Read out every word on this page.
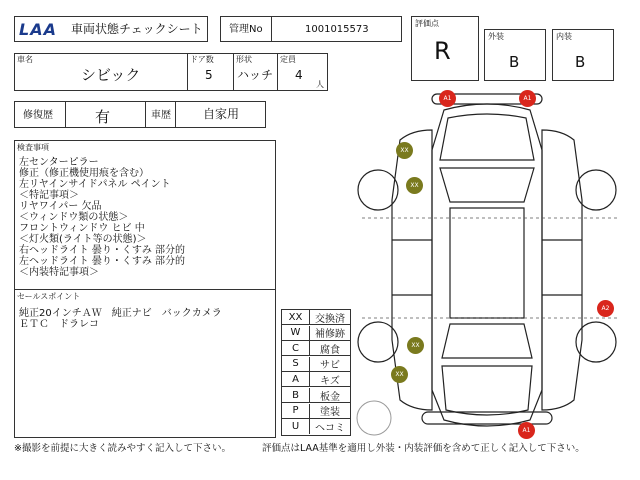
LAA	車両状態チェックシート	管理No	1001015573
評価点
R
外装
B
内装
B
車名
シビック
ドア数
5
形状
ハッチ
定員
4
人
修復歴	有	車歴	自家用
検査事項
左センターピラー
修正（修正機使用痕を含む）
左リヤインサイドパネル ペイント
＜特記事項＞
リヤワイパー 欠品
＜ウィンドウ類の状態＞
フロントウィンドウ ヒビ 中
＜灯火類(ライト等の状態)＞
右ヘッドライト 曇り・くすみ 部分的
左ヘッドライト 曇り・くすみ 部分的
＜内装特記事項＞
セールスポイント
純正20インチＡＷ　純正ナビ　バックカメラ
ＥＴＣ　ドラレコ
XX	交換済
W	補修跡
C	腐食
S	サビ
A	キズ
B	板金
P	塗装
U	ヘコミ
A1	A1
A2
A1
XX
XX
XX
XX
※撮影を前提に大きく読みやすく記入して下さい。	評価点はLAA基準を適用し外装・内装評価を含めて正しく記入して下さい。
